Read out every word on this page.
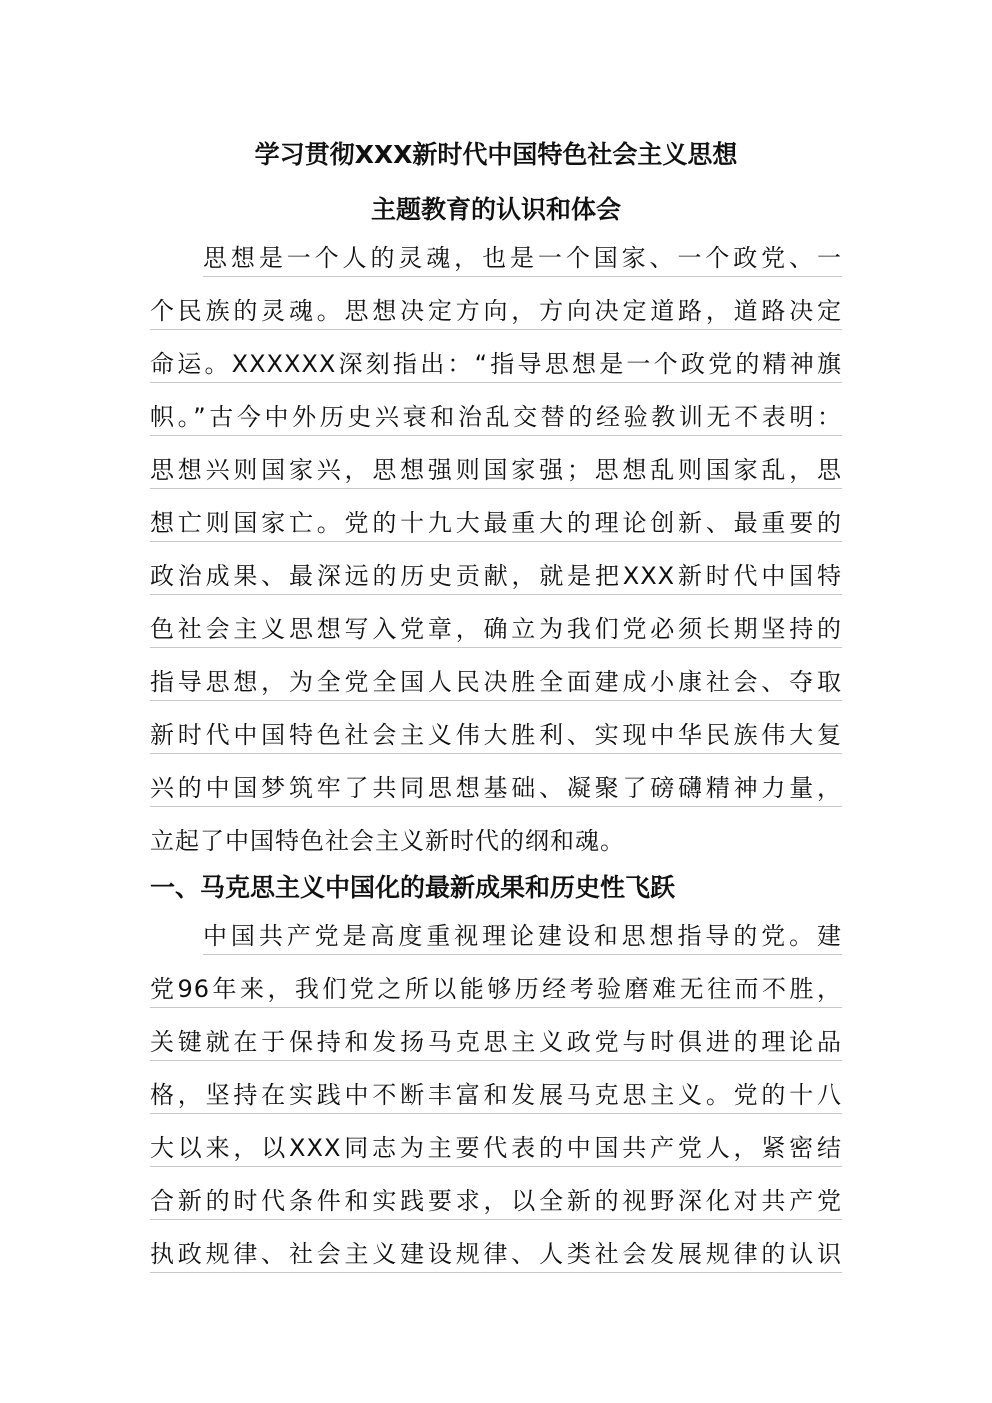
学习贯彻XXX新时代中国特色社会主义思想
主题教育的认识和体会
思想是一个人的灵魂，也是一个国家、一个政党、一
个民族的灵魂。思想决定方向，方向决定道路，道路决定
命运。XXXXXX深刻指出：“指导思想是一个政党的精神旗
帜。”古今中外历史兴衰和治乱交替的经验教训无不表明：
思想兴则国家兴，思想强则国家强；思想乱则国家乱，思
想亡则国家亡。党的十九大最重大的理论创新、最重要的
政治成果、最深远的历史贡献，就是把XXX新时代中国特
色社会主义思想写入党章，确立为我们党必须长期坚持的
指导思想，为全党全国人民决胜全面建成小康社会、夺取
新时代中国特色社会主义伟大胜利、实现中华民族伟大复
兴的中国梦筑牢了共同思想基础、凝聚了磅礴精神力量，
立起了中国特色社会主义新时代的纲和魂。
一、马克思主义中国化的最新成果和历史性飞跃
中国共产党是高度重视理论建设和思想指导的党。建
党96年来，我们党之所以能够历经考验磨难无往而不胜，
关键就在于保持和发扬马克思主义政党与时俱进的理论品
格，坚持在实践中不断丰富和发展马克思主义。党的十八
大以来，以XXX同志为主要代表的中国共产党人，紧密结
合新的时代条件和实践要求，以全新的视野深化对共产党
执政规律、社会主义建设规律、人类社会发展规律的认识
